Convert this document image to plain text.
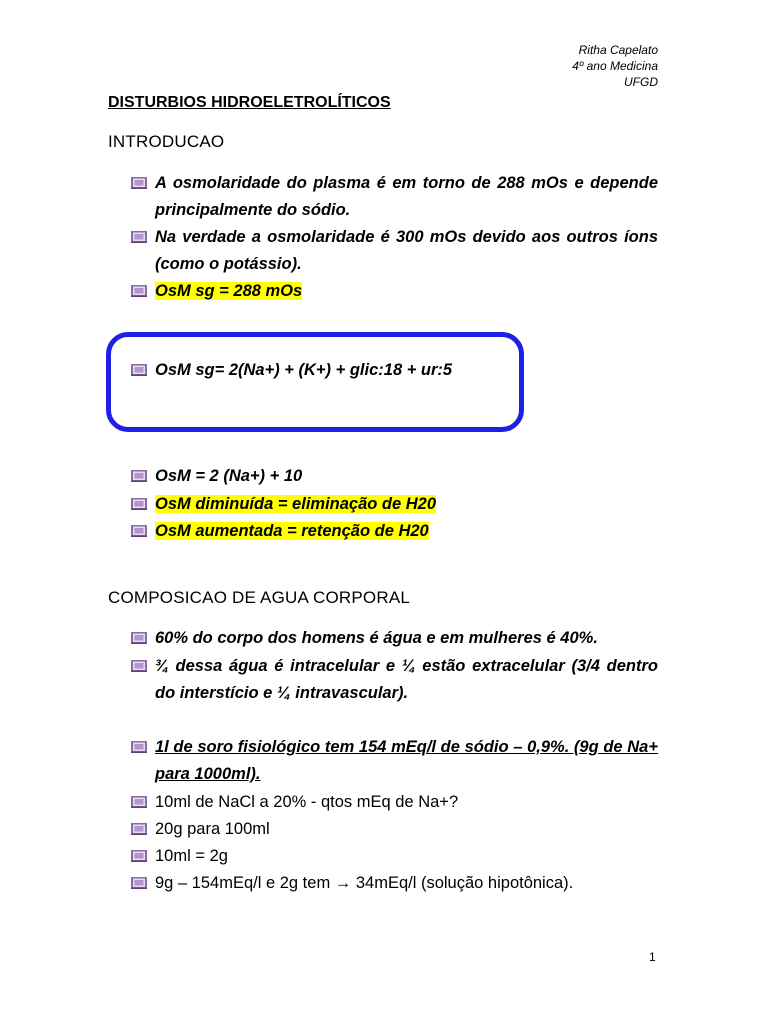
Ritha Capelato
4º ano Medicina
UFGD
DISTURBIOS HIDROELETROLÍTICOS
INTRODUCAO
A osmolaridade do plasma é em torno de 288 mOs e depende principalmente do sódio.
Na verdade a osmolaridade é 300 mOs devido aos outros íons (como o potássio).
OsM sg = 288 mOs
OsM sg= 2(Na+) + (K+) + glic:18 + ur:5
OsM = 2 (Na+) + 10
OsM diminuída = eliminação de H20
OsM aumentada = retenção de H20
COMPOSICAO DE AGUA CORPORAL
60% do corpo dos homens é água e em mulheres é 40%.
¾ dessa água é intracelular e ¼ estão extracelular (3/4 dentro do interstício e ¼ intravascular).
1l de soro fisiológico tem 154 mEq/l de sódio – 0,9%. (9g de Na+ para 1000ml).
10ml de NaCl a 20% - qtos mEq de Na+?
20g para 100ml
10ml = 2g
9g – 154mEq/l e 2g tem → 34mEq/l (solução hipotônica).
1
